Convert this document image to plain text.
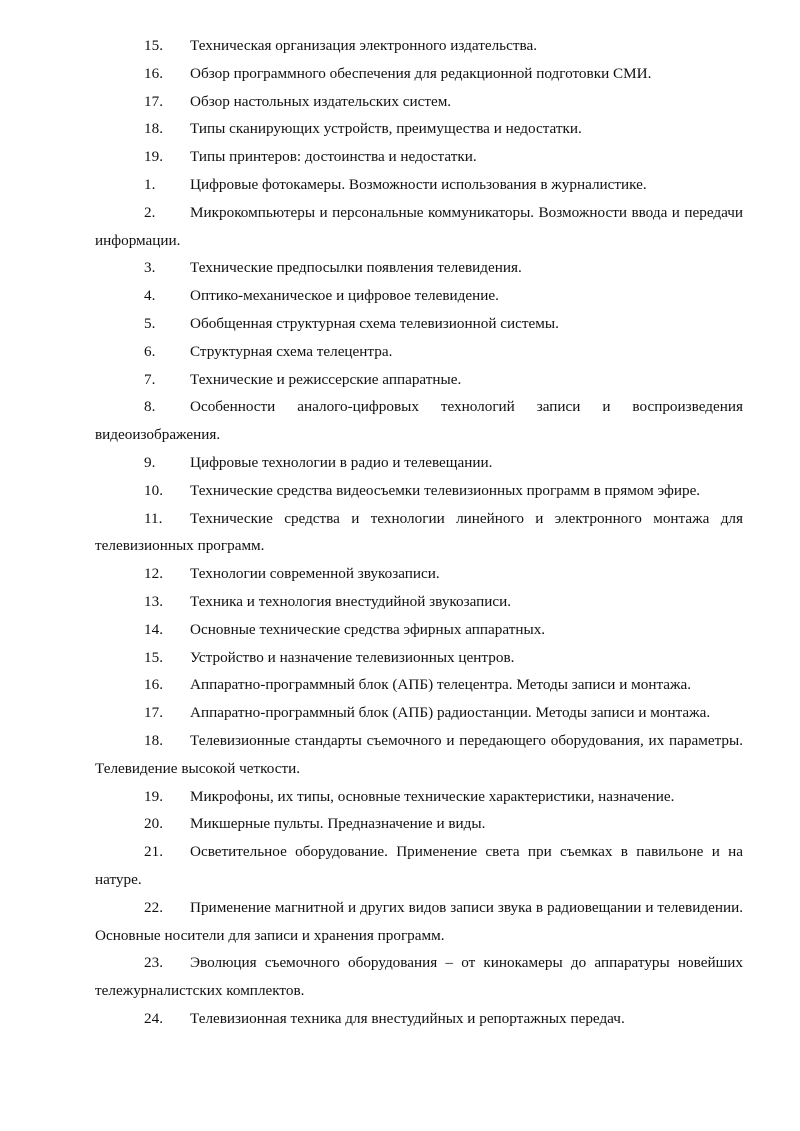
15. Техническая организация электронного издательства.
16. Обзор программного обеспечения для редакционной подготовки СМИ.
17. Обзор настольных издательских систем.
18. Типы сканирующих устройств, преимущества и недостатки.
19. Типы принтеров: достоинства и недостатки.
1. Цифровые фотокамеры. Возможности использования в журналистике.
2. Микрокомпьютеры и персональные коммуникаторы. Возможности ввода и передачи информации.
3. Технические предпосылки появления телевидения.
4. Оптико-механическое и цифровое телевидение.
5. Обобщенная структурная схема телевизионной системы.
6. Структурная схема телецентра.
7. Технические и режиссерские аппаратные.
8. Особенности аналого-цифровых технологий записи и воспроизведения видеоизображения.
9. Цифровые технологии в радио и телевещании.
10. Технические средства видеосъемки телевизионных программ в прямом эфире.
11. Технические средства и технологии линейного и электронного монтажа для телевизионных программ.
12. Технологии современной звукозаписи.
13. Техника и технология внестудийной звукозаписи.
14. Основные технические средства эфирных аппаратных.
15. Устройство и назначение телевизионных центров.
16. Аппаратно-программный блок (АПБ) телецентра. Методы записи и монтажа.
17. Аппаратно-программный блок (АПБ) радиостанции. Методы записи и монтажа.
18. Телевизионные стандарты съемочного и передающего оборудования, их параметры. Телевидение высокой четкости.
19. Микрофоны, их типы, основные технические характеристики, назначение.
20. Микшерные пульты. Предназначение и виды.
21. Осветительное оборудование. Применение света при съемках в павильоне и на натуре.
22. Применение магнитной и других видов записи звука в радиовещании и телевидении. Основные носители для записи и хранения программ.
23. Эволюция съемочного оборудования – от кинокамеры до аппаратуры новейших тележурналистских комплектов.
24. Телевизионная техника для внестудийных и репортажных передач.
